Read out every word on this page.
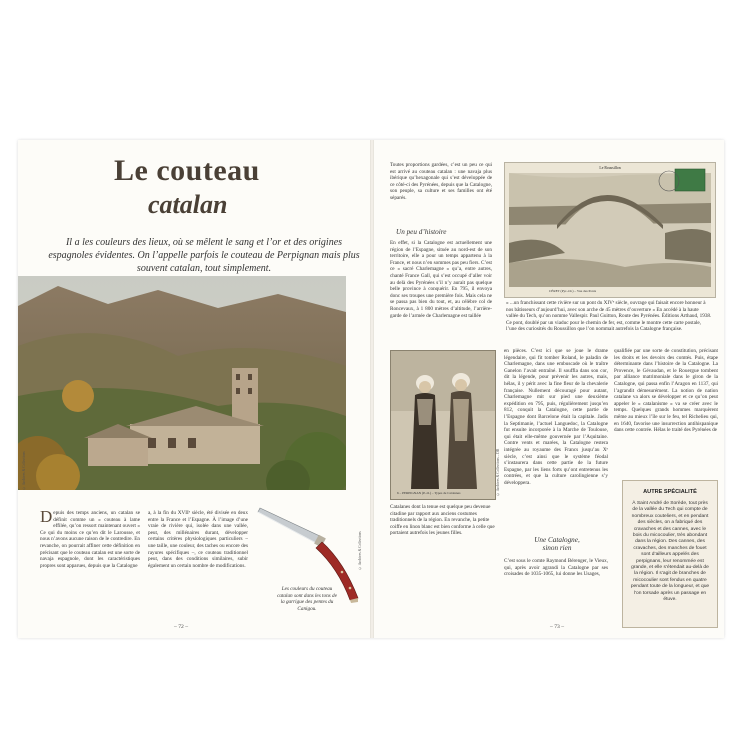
Le couteau
catalan
Il a les couleurs des lieux, où se mêlent le sang et l’or et des origines espagnoles évidentes. On l’appelle parfois le couteau de Perpignan mais plus souvent catalan, tout simplement.
© Archives & Collections
Depuis des temps anciens, un catalan se définit comme un « couteau à lame effilée, qu’on ressort maintenant ouvert » Ce qui du moins ce qu’en dit le Larousse, et nous n’avons aucune raison de le contredire. En revanche, on pourrait affiner cette définition en précisant que le couteau catalan est une sorte de navaja espagnole, dont les caractéristiques propres sont apparues, depuis que la Catalogne
a, à la fin du XVIIᵉ siècle, été divisée en deux entre la France et l’Espagne. À l’image d’une vraie de rivière qui, isolée dans une vallée, peut, des millénaires durant, développer certains critères physiologiques particuliers – une taille, une couleur, des taches ou encore des rayures spécifiques –, ce couteau traditionnel peut, dans des conditions similaires, subir également un certain nombre de modifications.	© Archives & Collections
Les couleurs du couteau catalan sont dans les tons de la garrigue des pentes du Canigou.
– 72 –
Toutes proportions gardées, c’est un peu ce qui est arrivé au couteau catalan : une navaja plus ibérique qu’hexagonale qui s’est développée de ce côté-ci des Pyrénées, depuis que la Catalogne, son peuple, sa culture et ses familles ont été séparés.
Un peu d’histoire
En effet, si la Catalogne est actuellement une région de l’Espagne, située au nord-est de son territoire, elle a pour un temps appartenu à la France, et nous n’en sommes pas peu fiers. C’est ce « sacré Charlemagne » qu’a, entre autres, chanté France Gall, qui s’est occupé d’aller voir au delà des Pyrénées s’il n’y aurait pas quelque belle province à conquérir. En 795, il envoya donc ses troupes une première fois. Mais cela ne se passa pas bien du tout, et, au célèbre col de Roncevaux, à 1 800 mètres d’altitude, l’arrière-garde de l’armée de Charlemagne est taillée
Le Roussillon
CÉRET (Pyr.-Or.) – Vue des Ponts
« ...un franchissant cette rivière sur un pont du XIVᵉ siècle, ouvrage qui faisait encore honneur à nos bâtisseurs d’aujourd’hui, avec son arche de 45 mètres d’ouverture » En accédé à la haute vallée du Tech, qu’on nomme Vallespir. Paul Guitton, Route des Pyrénées. Éditions Arthaud, 1938. Ce pont, doublé par un viaduc pour le chemin de fer, est, comme le montre cette carte postale, l’une des curiosités du Roussillon que l’on nommait autrefois la Catalogne française.
6 – PERPIGNAN (P.-O.) – Types de Catalanes	© Archives & Collections – DR
Catalanes dont la tenue est quelque peu devenue citadine par rapport aux anciens costumes traditionnels de la région. En revanche, la petite coiffe en linon blanc est bien conforme à celle que portaient autrefois les jeunes filles.
en pièces. C’est ici que se joue le drame légendaire, qui fit tomber Roland, le paladin de Charlemagne, dans une embuscade où le traître Ganelon l’avait entraîné. Il souffla dans son cor, dit la légende, pour prévenir les autres, mais, hélas, il y périt avec la fine fleur de la chevalerie française. Nullement découragé pour autant, Charlemagne mit sur pied une deuxième expédition en 795, puis, régulièrement jusqu’en 812, conquit la Catalogne, cette partie de l’Espagne dont Barcelone était la capitale. Jadis la Septimanie, l’actuel Languedoc, la Catalogne fut ensuite incorporée à la Marche de Toulouse, qui était elle-même gouvernée par l’Aquitaine. Contre vents et marées, la Catalogne restera intégrée au royaume des Francs jusqu’au Xᵉ siècle, c’est ainsi que le système féodal s’instaurera dans cette partie de la future Espagne, par les liens forts qu’ont entretenus les contrées, et que la culture carolingienne s’y développera.
Une Catalogne,
sinon rien
C’est sous le comte Raymond Bérenger, le Vieux, qui, après avoir agrandi la Catalogne par ses croisades de 1035-1065, lui donne les Usages,
qualifiée par une sorte de constitution, précisant les droits et les devoirs des comtés. Puis, étape déterminante dans l’histoire de la Catalogne. La Provence, le Gévaudan, et le Rouergue tombent par alliance matrimoniale dans le giron de la Catalogne, qui passa enfin l’Aragon en 1137, qui l’agrandit démesurément. La notion de nation catalane va alors se développer et ce qu’on peut appeler le « catalanisme » va se créer avec le temps. Quelques grands hommes marquèrent même au mieux l’île sur le feu, tel Richelieu qui, en 1640, favorise une insurrection antihispanique dans cette contrée. Hélas le traité des Pyrénées de
AUTRE SPÉCIALITÉ
À Saint André de Sorède, tout près de la vallée du Tech qui compte de nombreux couteliers, et en pendant des siècles, on a fabriqué des cravaches et des cannes, avec le bois du micocoulier, très abondant dans la région. Des cannes, des cravaches, des manches de fouet sont d’ailleurs appelés des perpignans, leur renommée est grande, et elle s’étendait au-delà de la région. Il s’agit de branches de micocoulier sont fendus en quatre pendant toute de la longueur, et que l’on torsade après un passage en étuve.
– 73 –
